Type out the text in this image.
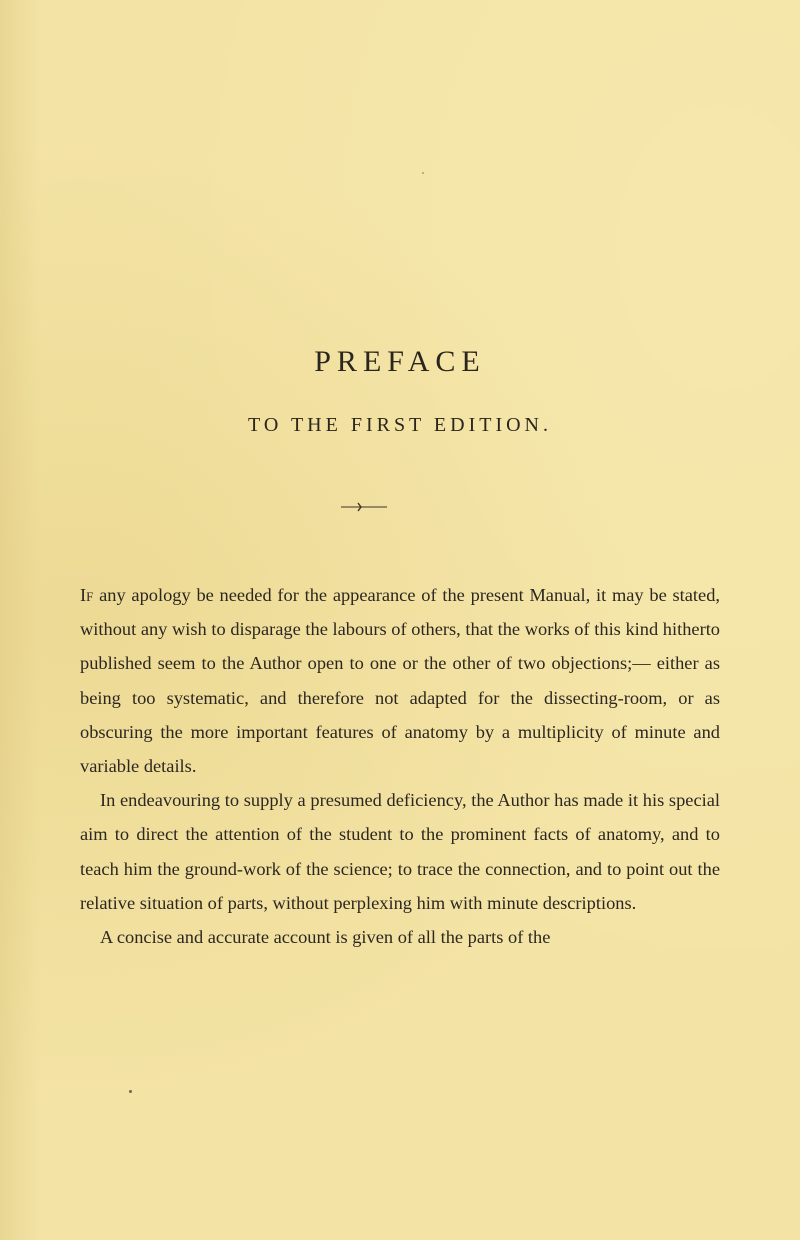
PREFACE
TO THE FIRST EDITION.

If any apology be needed for the appearance of the present Manual, it may be stated, without any wish to disparage the labours of others, that the works of this kind hitherto published seem to the Author open to one or the other of two objections;— either as being too systematic, and therefore not adapted for the dissecting-room, or as obscuring the more important features of anatomy by a multiplicity of minute and variable details.

In endeavouring to supply a presumed deficiency, the Author has made it his special aim to direct the attention of the student to the prominent facts of anatomy, and to teach him the ground-work of the science; to trace the connection, and to point out the relative situation of parts, without perplexing him with minute descriptions.

A concise and accurate account is given of all the parts of the
